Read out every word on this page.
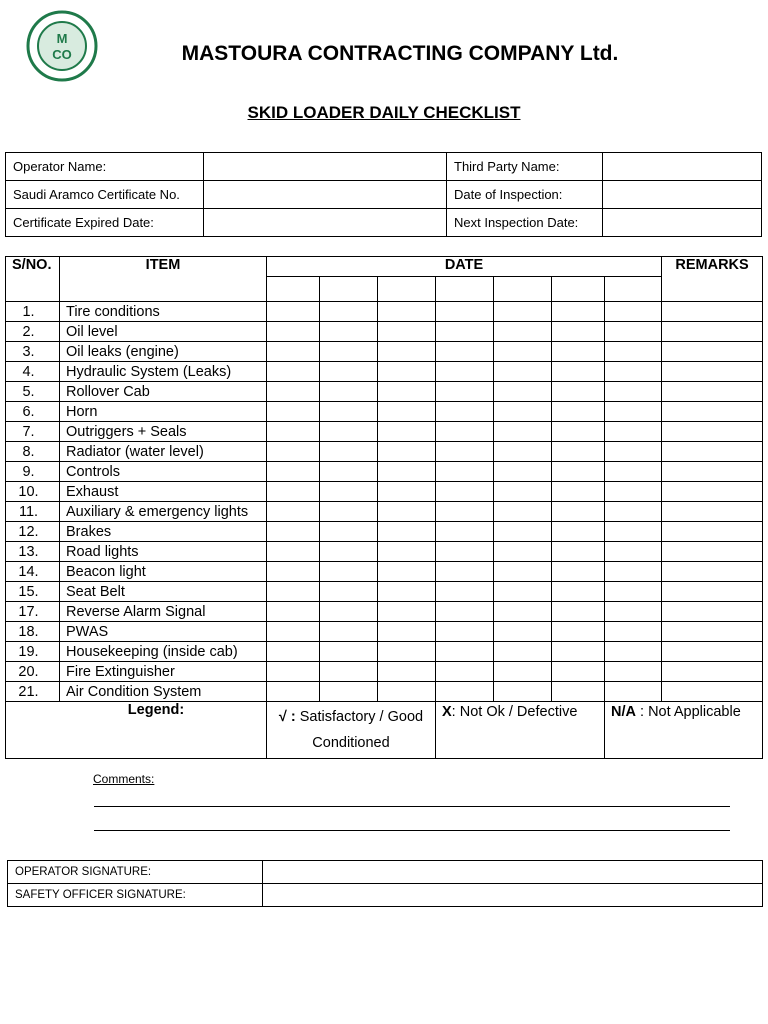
M
CO	MASTOURA CONTRACTING COMPANY Ltd.
SKID LOADER DAILY CHECKLIST
Operator Name:		Third Party Name:	
Saudi Aramco Certificate No.		Date of Inspection:	
Certificate Expired Date:		Next Inspection Date:	
S/NO.	ITEM	DATE							REMARKS

1.	Tire conditions								
2.	Oil level								
3.	Oil leaks (engine)								
4.	Hydraulic System (Leaks)								
5.	Rollover Cab								
6.	Horn								
7.	Outriggers + Seals								
8.	Radiator (water level)								
9.	Controls								
10.	Exhaust								
11.	Auxiliary & emergency lights								
12.	Brakes								
13.	Road lights								
14.	Beacon light								
15.	Seat Belt								
17.	Reverse Alarm Signal								
18.	PWAS								
19.	Housekeeping (inside cab)								
20.	Fire Extinguisher								
21.	Air Condition System								
Legend:		√ : Satisfactory / Good Conditioned			X: Not Ok / Defective			N/A : Not Applicable	
Comments:
OPERATOR SIGNATURE:	
SAFETY OFFICER SIGNATURE:	
